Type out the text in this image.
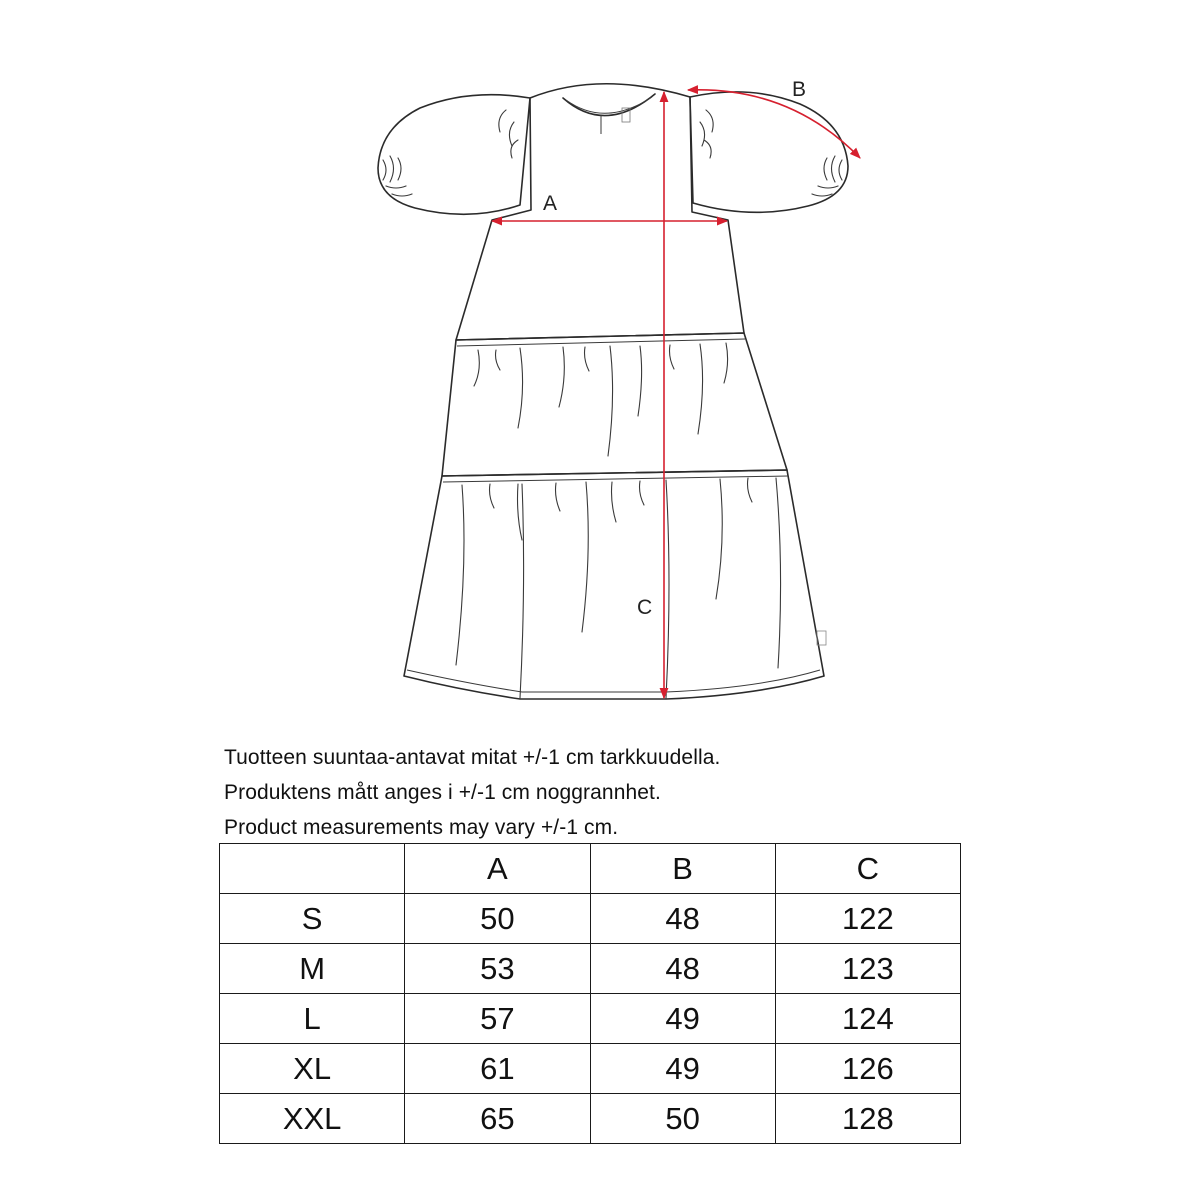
A
B
C
Tuotteen suuntaa-antavat mitat +/-1 cm tarkkuudella.
Produktens mått anges i +/-1 cm noggrannhet.
Product measurements may vary +/-1 cm.
	A	B	C
S	50	48	122
M	53	48	123
L	57	49	124
XL	61	49	126
XXL	65	50	128
